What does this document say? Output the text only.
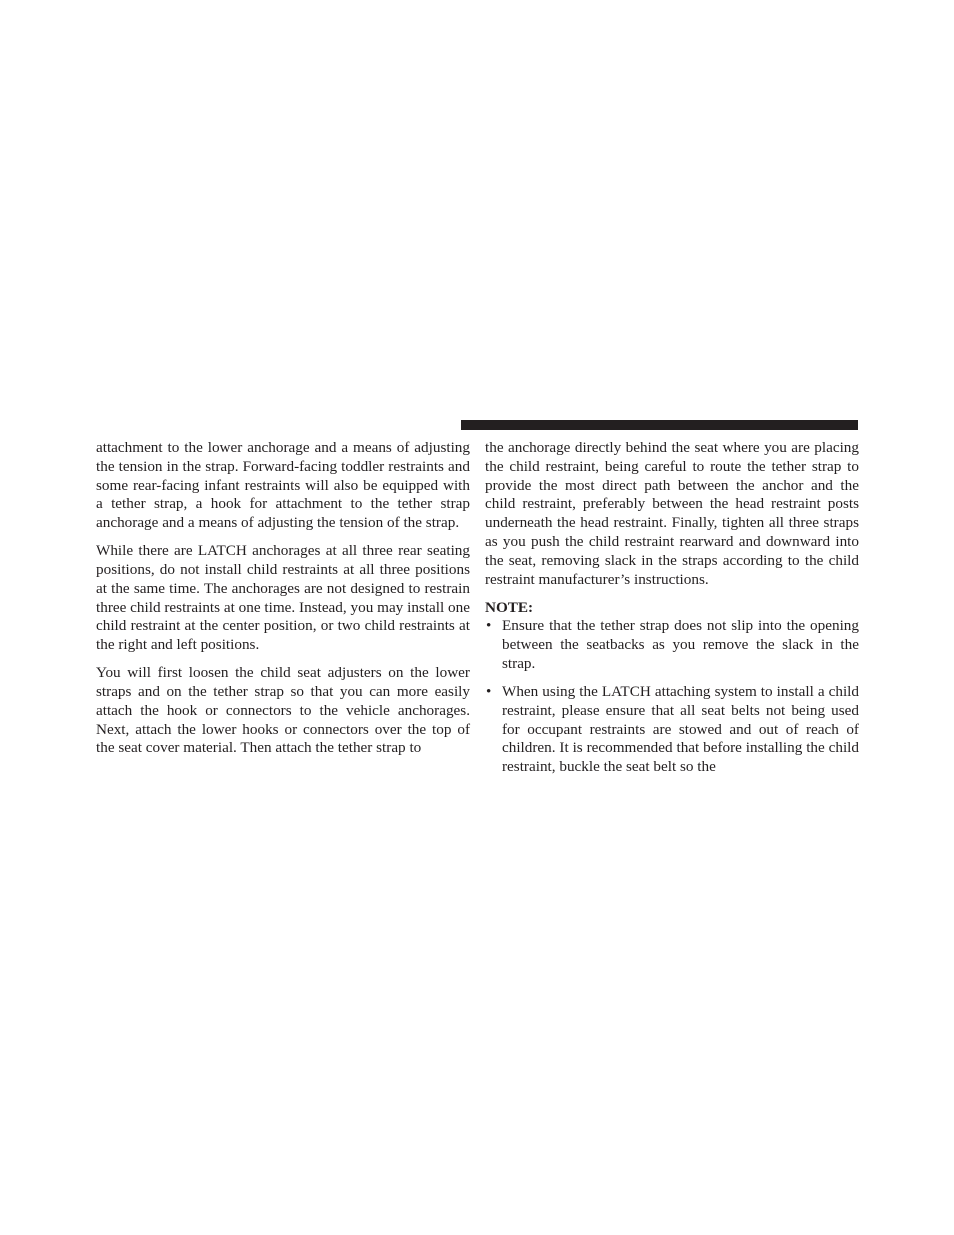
attachment to the lower anchorage and a means of adjusting the tension in the strap. Forward-facing toddler restraints and some rear-facing infant restraints will also be equipped with a tether strap, a hook for attachment to the tether strap anchorage and a means of adjusting the tension of the strap.

While there are LATCH anchorages at all three rear seating positions, do not install child restraints at all three positions at the same time. The anchorages are not designed to restrain three child restraints at one time. Instead, you may install one child restraint at the center position, or two child restraints at the right and left positions.

You will first loosen the child seat adjusters on the lower straps and on the tether strap so that you can more easily attach the hook or connectors to the vehicle anchorages. Next, attach the lower hooks or connectors over the top of the seat cover material. Then attach the tether strap to

the anchorage directly behind the seat where you are placing the child restraint, being careful to route the tether strap to provide the most direct path between the anchor and the child restraint, preferably between the head restraint posts underneath the head restraint. Finally, tighten all three straps as you push the child restraint rearward and downward into the seat, removing slack in the straps according to the child restraint manufacturer’s instructions.

NOTE:
• Ensure that the tether strap does not slip into the opening between the seatbacks as you remove the slack in the strap.
• When using the LATCH attaching system to install a child restraint, please ensure that all seat belts not being used for occupant restraints are stowed and out of reach of children. It is recommended that before installing the child restraint, buckle the seat belt so the
